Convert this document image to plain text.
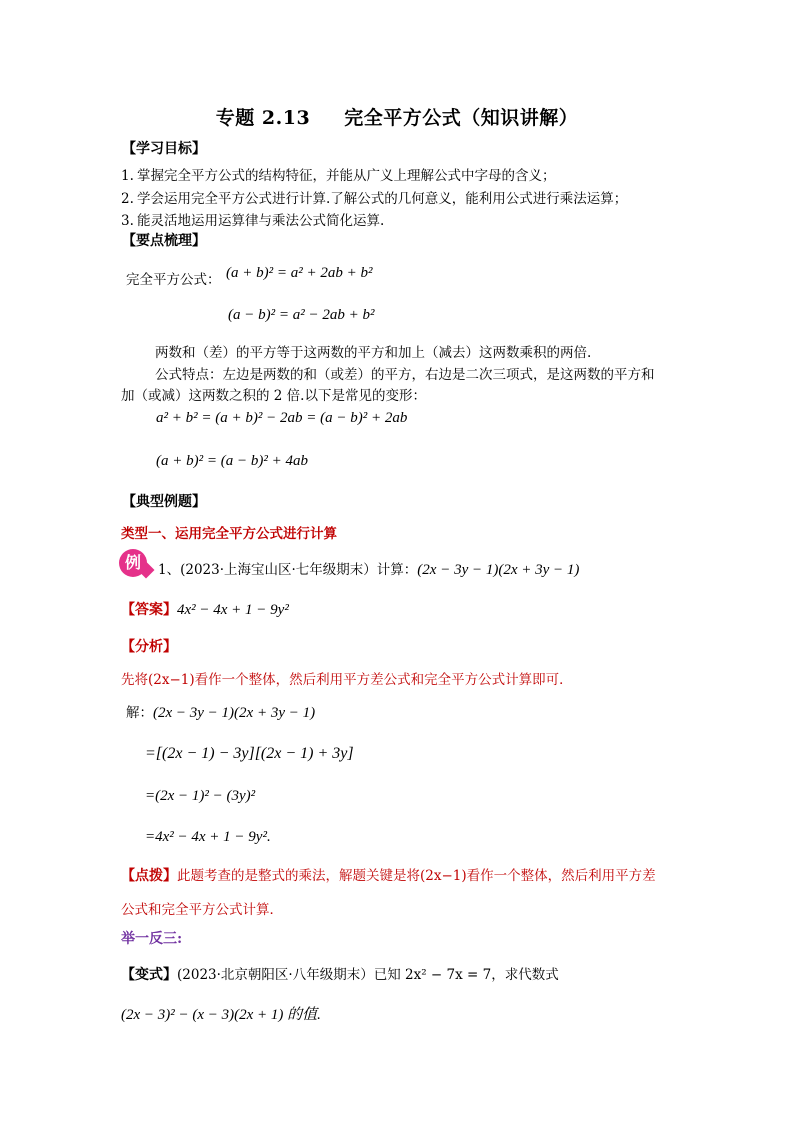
专题 2.13 完全平方公式（知识讲解）
【学习目标】
1. 掌握完全平方公式的结构特征，并能从广义上理解公式中字母的含义；
2. 学会运用完全平方公式进行计算.了解公式的几何意义，能利用公式进行乘法运算；
3. 能灵活地运用运算律与乘法公式简化运算.
【要点梳理】
完全平方公式： (a + b)² = a² + 2ab + b²
(a − b)² = a² − 2ab + b²
两数和（差）的平方等于这两数的平方和加上（减去）这两数乘积的两倍.
公式特点：左边是两数的和（或差）的平方，右边是二次三项式，是这两数的平方和
加（或减）这两数之积的 2 倍.以下是常见的变形：
a² + b² = (a + b)² − 2ab = (a − b)² + 2ab
(a + b)² = (a − b)² + 4ab
【典型例题】
类型一、运用完全平方公式进行计算
例	1、(2023·上海宝山区·七年级期末）计算：(2x − 3y − 1)(2x + 3y − 1)
【答案】4x² − 4x + 1 − 9y²
【分析】
先将(2x−1)看作一个整体，然后利用平方差公式和完全平方公式计算即可．
解：(2x − 3y − 1)(2x + 3y − 1)
=[(2x − 1) − 3y][(2x − 1) + 3y]
=(2x − 1)² − (3y)²
=4x² − 4x + 1 − 9y².
【点拨】此题考查的是整式的乘法，解题关键是将(2x−1)看作一个整体，然后利用平方差
公式和完全平方公式计算．
举一反三:
【变式】(2023·北京朝阳区·八年级期末）已知 2x² − 7x = 7，求代数式
(2x − 3)² − (x − 3)(2x + 1) 的值.
